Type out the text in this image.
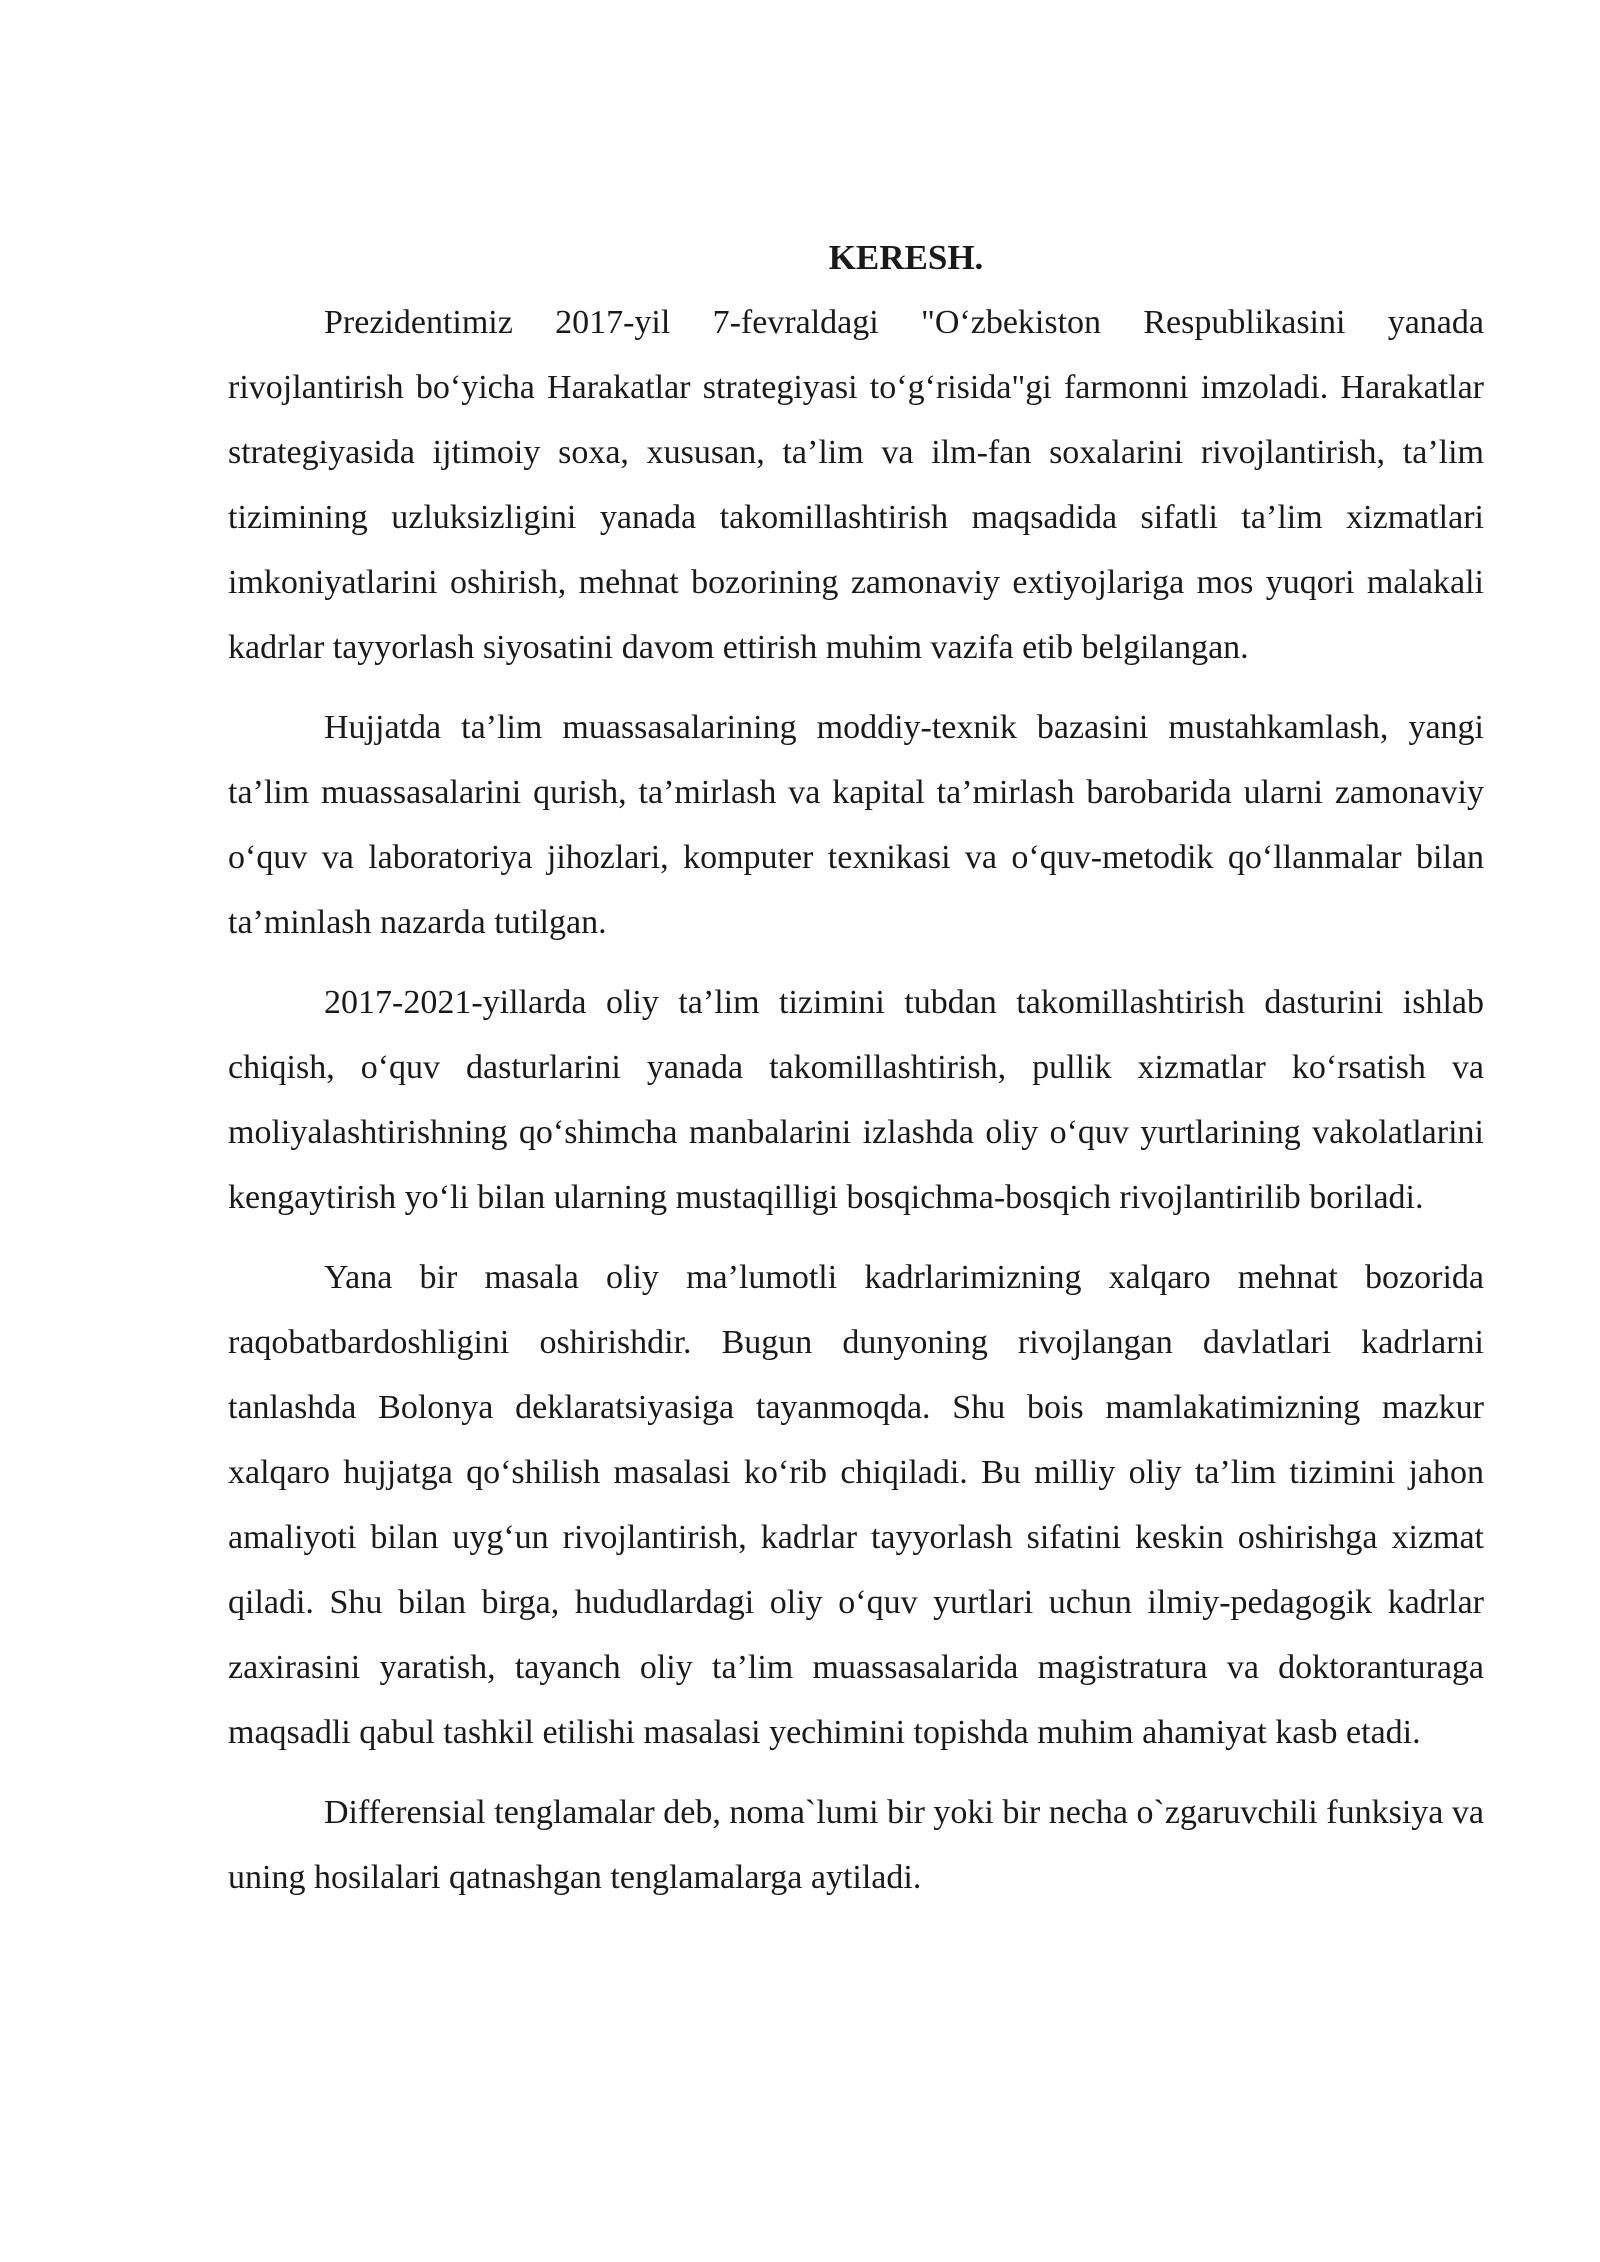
KERESH.

Prezidentimiz 2017-yil 7-fevraldagi "O‘zbekiston Respublikasini yanada rivojlantirish bo‘yicha Harakatlar strategiyasi to‘g‘risida"gi farmonni imzoladi. Harakatlar strategiyasida ijtimoiy soxa, xususan, ta’lim va ilm-fan soxalarini rivojlantirish, ta’lim tizimining uzluksizligini yanada takomillashtirish maqsadida sifatli ta’lim xizmatlari imkoniyatlarini oshirish, mehnat bozorining zamonaviy extiyojlariga mos yuqori malakali kadrlar tayyorlash siyosatini davom ettirish muhim vazifa etib belgilangan.

Hujjatda ta’lim muassasalarining moddiy-texnik bazasini mustahkamlash, yangi ta’lim muassasalarini qurish, ta’mirlash va kapital ta’mirlash barobarida ularni zamonaviy o‘quv va laboratoriya jihozlari, komputer texnikasi va o‘quv-metodik qo‘llanmalar bilan ta’minlash nazarda tutilgan.

2017-2021-yillarda oliy ta’lim tizimini tubdan takomillashtirish dasturini ishlab chiqish, o‘quv dasturlarini yanada takomillashtirish, pullik xizmatlar ko‘rsatish va moliyalashtirishning qo‘shimcha manbalarini izlashda oliy o‘quv yurtlarining vakolatlarini kengaytirish yo‘li bilan ularning mustaqilligi bosqichma-bosqich rivojlantirilib boriladi.

Yana bir masala oliy ma’lumotli kadrlarimizning xalqaro mehnat bozorida raqobatbardoshligini oshirishdir. Bugun dunyoning rivojlangan davlatlari kadrlarni tanlashda Bolonya deklaratsiyasiga tayanmoqda. Shu bois mamlakatimizning mazkur xalqaro hujjatga qo‘shilish masalasi ko‘rib chiqiladi. Bu milliy oliy ta’lim tizimini jahon amaliyoti bilan uyg‘un rivojlantirish, kadrlar tayyorlash sifatini keskin oshirishga xizmat qiladi. Shu bilan birga, hududlardagi oliy o‘quv yurtlari uchun ilmiy-pedagogik kadrlar zaxirasini yaratish, tayanch oliy ta’lim muassasalarida magistratura va doktoranturaga maqsadli qabul tashkil etilishi masalasi yechimini topishda muhim ahamiyat kasb etadi.

Differensial tenglamalar deb, noma`lumi bir yoki bir necha o`zgaruvchili funksiya va uning hosilalari qatnashgan tenglamalarga aytiladi.
